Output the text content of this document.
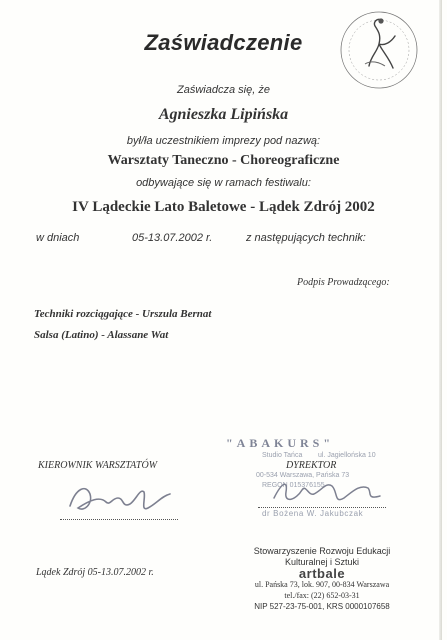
Zaświadczenie
Zaświadcza się, że
Agnieszka Lipińska
był/ła uczestnikiem imprezy pod nazwą:
Warsztaty Taneczno - Choreograficzne
odbywające się w ramach festiwalu:
IV Lądeckie Lato Baletowe - Lądek Zdrój 2002
w dniach	05-13.07.2002 r.	z następujących technik:
Podpis Prowadzącego:
Techniki rozciągające - Urszula Bernat
Salsa (Latino) - Alassane Wat
"ABAKURS"
Studio Tańca ul. Jagiellońska 10
00-534 Warszawa, Pańska 73
REGON 015376155
KIEROWNIK WARSZTATÓW	DYREKTOR
dr Bożena W. Jakubczak
Lądek Zdrój 05-13.07.2002 r.
Stowarzyszenie Rozwoju Edukacji
Kulturalnej i Sztuki
artbale
ul. Pańska 73, lok. 907, 00-834 Warszawa
tel./fax: (22) 652-03-31
NIP 527-23-75-001, KRS 0000107658
